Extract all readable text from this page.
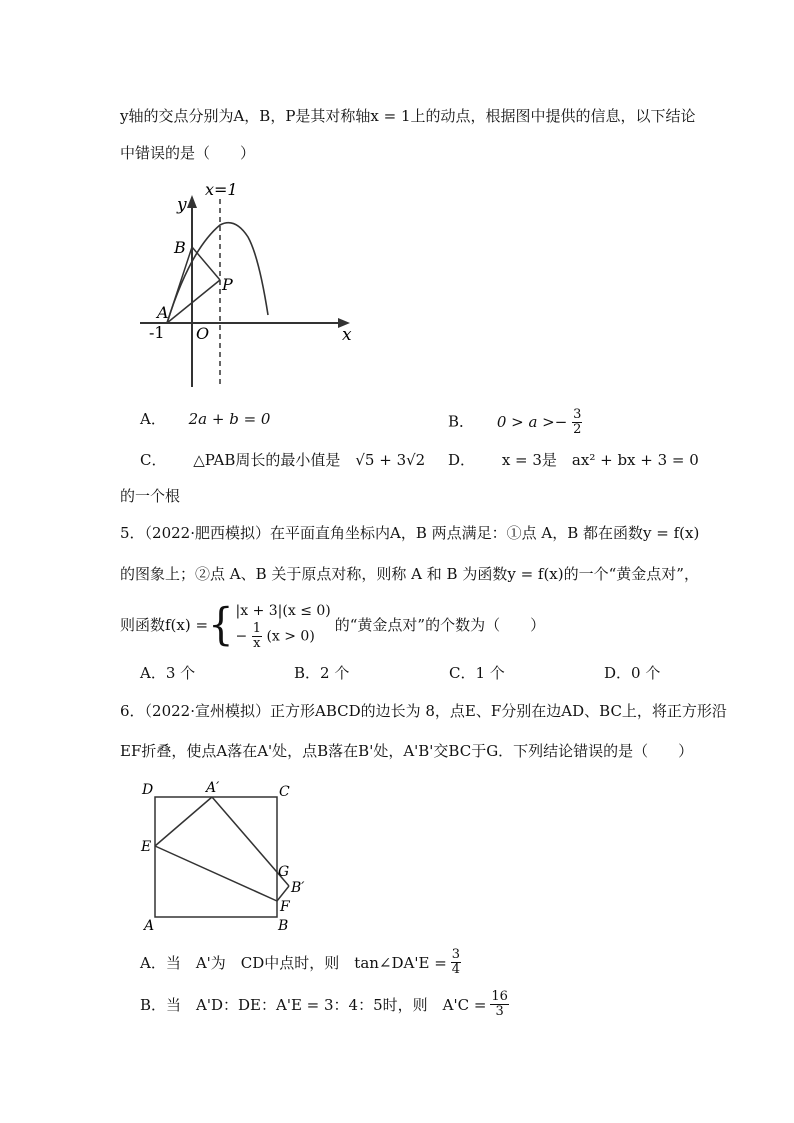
y轴的交点分别为A，B，P是其对称轴x = 1上的动点，根据图中提供的信息，以下结论
中错误的是（　　）
x=1
y
x
B
P
A
-1 O
A． 2a + b = 0	B． $0 > a >- \frac{3}{2}$
C． △PAB周长的最小值是　√5 + 3√2 D． x = 3是　ax² + bx + 3 = 0
的一个根
5．（2022·肥西模拟）在平面直角坐标内A，B 两点满足：①点 A，B 都在函数y = f(x)
的图象上；②点 A、B 关于原点对称，则称 A 和 B 为函数y = f(x)的一个“黄金点对”，
则函数f(x) = { |x + 3|(x ≤ 0)
− $\frac{1}{x} (x > 0)$
的“黄金点对”的个数为（　　）
A．3 个	B．2 个	C．1 个	D．0 个
6．（2022·宣州模拟）正方形ABCD的边长为 8，点E、F分别在边AD、BC上，将正方形沿
EF折叠，使点A落在A'处，点B落在B'处，A'B'交BC于G．下列结论错误的是（　　）
D	A′	C
E
G
B′
F
A	B
A．当　A'为　CD中点时，则　tan∠DA'E = $\frac{3}{4}$
B．当　A'D：DE：A'E = 3：4：5时，则　$A'C = \frac{16}{3}$
